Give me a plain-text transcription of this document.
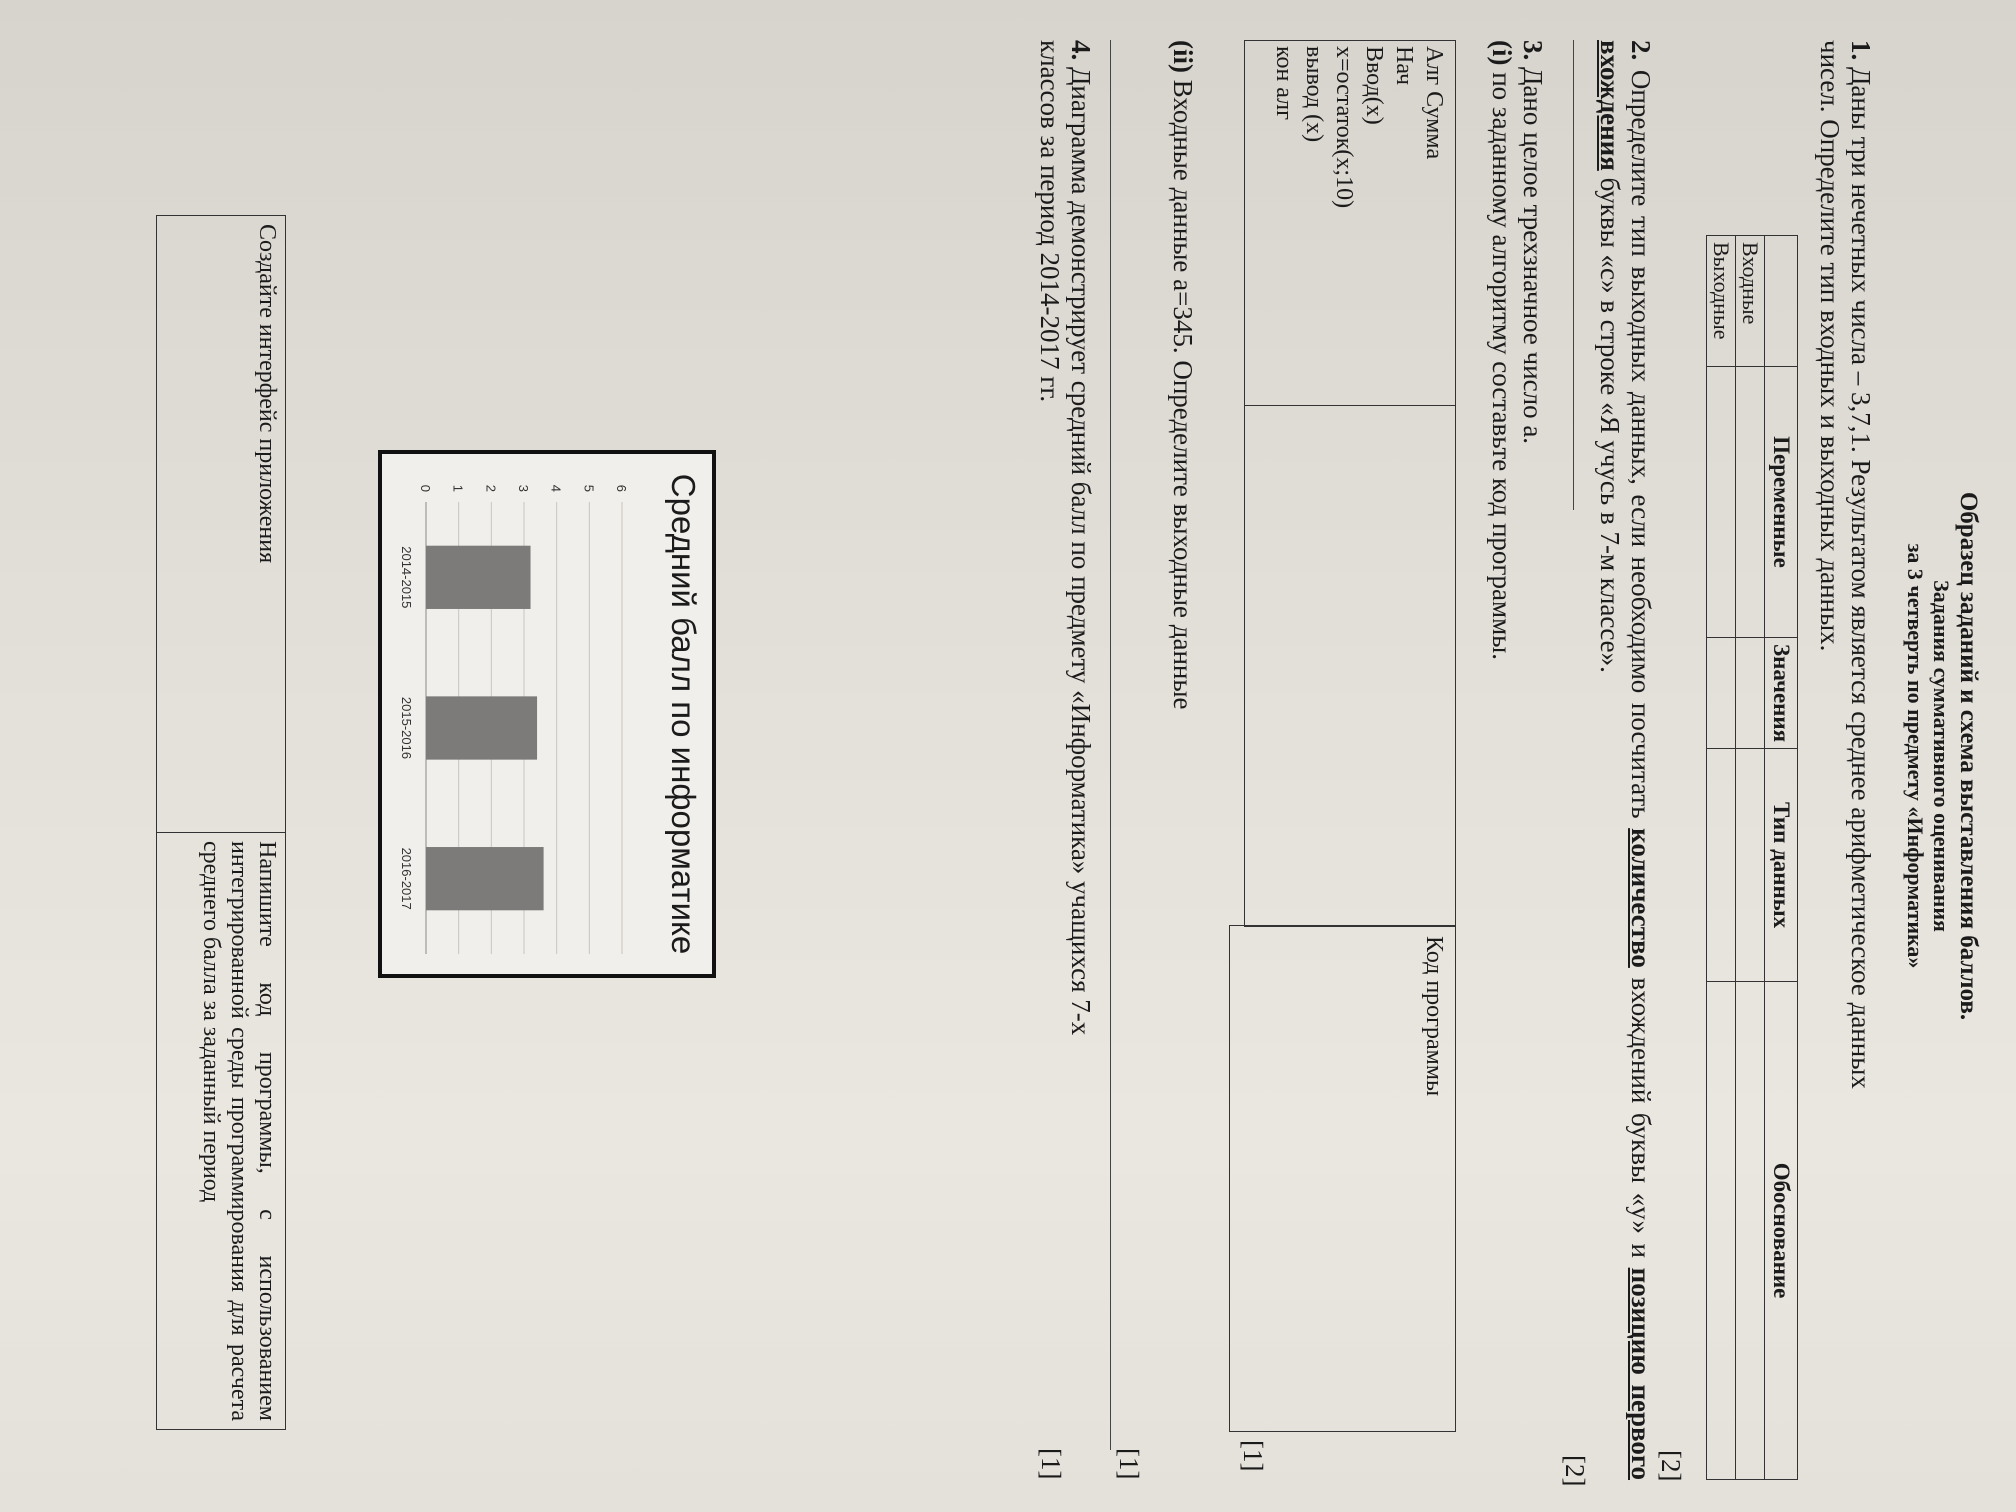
Образец заданий и схема выставления баллов.
Задания суммативного оценивания
за 3 четверть по предмету «Информатика»
1. Даны три нечетных числа – 3,7,1. Результатом является среднее арифметическое данных
чисел. Определите тип входных и выходных данных.
	Переменные	Значения	Тип данных	Обоснование
Входные				
Выходные				
[2]
2. Определите тип выходных данных, если необходимо посчитать количество вхождений буквы «у» и позицию первого вхождения буквы «с» в строке «Я учусь в 7-м классе».
[2]
3. Дано целое трехзначное число а.
(i) по заданному алгоритму составьте код программы.
Алг Сумма
Нач
Ввод(х)
х=остаток(х;10)
вывод (х)
кон алг
Код программы
[1]
(ii) Входные данные а=345. Определите выходные данные
[1]
4. Диаграмма демонстрирует средний балл по предмету «Информатика» учащихся 7-х
классов за период 2014-2017 гг.
[1]
Средний балл по информатике
0 1 2 3 4 5 6
2014-2015
2015-2016
2016-2017
Создайте интерфейс приложения	Напишите код программы, с использованием интегрированной среды программирования для расчета среднего балла за заданный период
